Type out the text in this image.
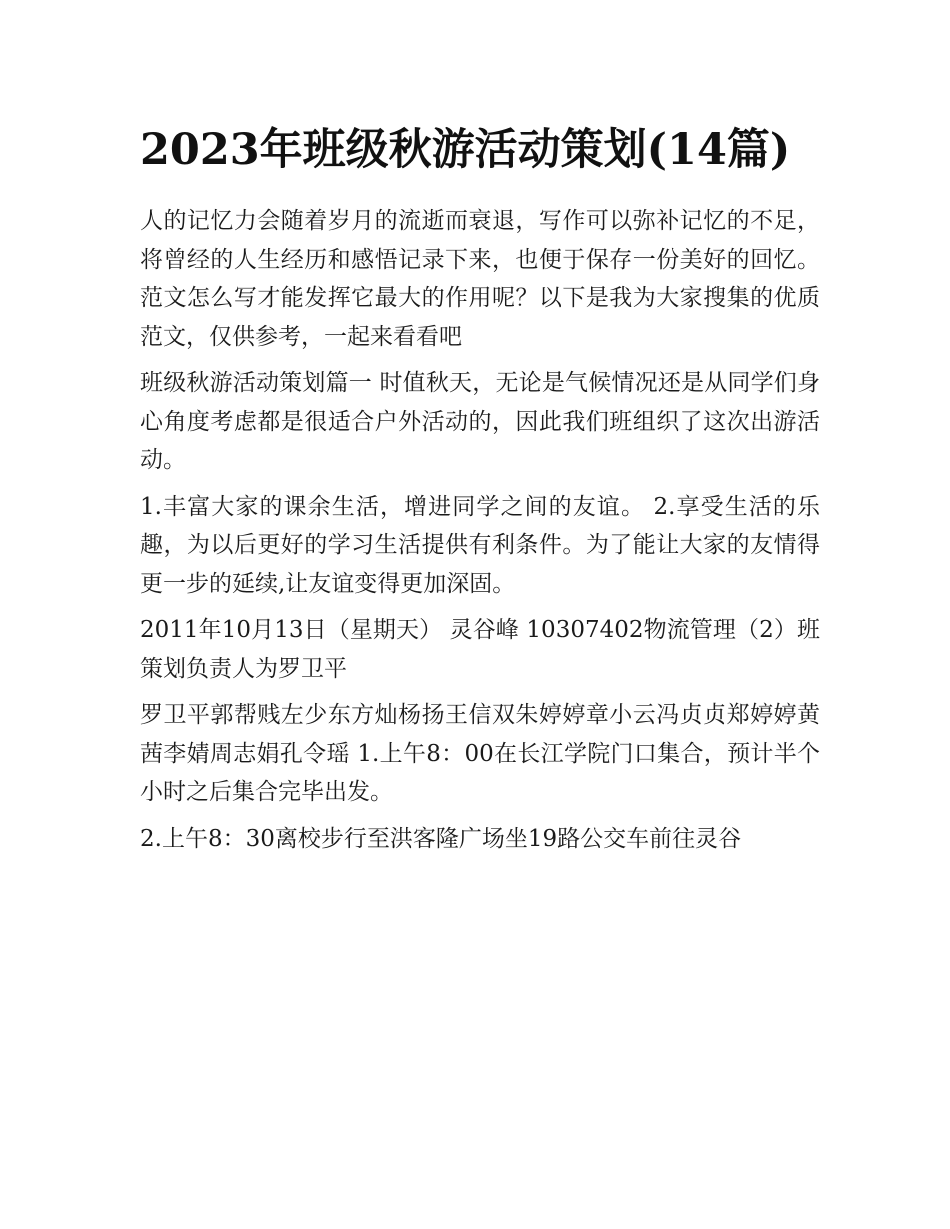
2023年班级秋游活动策划(14篇)

人的记忆力会随着岁月的流逝而衰退，写作可以弥补记忆的不足，将曾经的人生经历和感悟记录下来，也便于保存一份美好的回忆。范文怎么写才能发挥它最大的作用呢？以下是我为大家搜集的优质范文，仅供参考，一起来看看吧

班级秋游活动策划篇一 时值秋天，无论是气候情况还是从同学们身心角度考虑都是很适合户外活动的，因此我们班组织了这次出游活动。

1.丰富大家的课余生活，增进同学之间的友谊。 2.享受生活的乐趣，为以后更好的学习生活提供有利条件。为了能让大家的友情得更一步的延续,让友谊变得更加深固。

2011年10月13日（星期天） 灵谷峰 10307402物流管理（2）班 策划负责人为罗卫平

罗卫平郭帮贱左少东方灿杨扬王信双朱婷婷章小云冯贞贞郑婷婷黄茜李婧周志娟孔令瑶 1.上午8：00在长江学院门口集合，预计半个小时之后集合完毕出发。

2.上午8：30离校步行至洪客隆广场坐19路公交车前往灵谷
